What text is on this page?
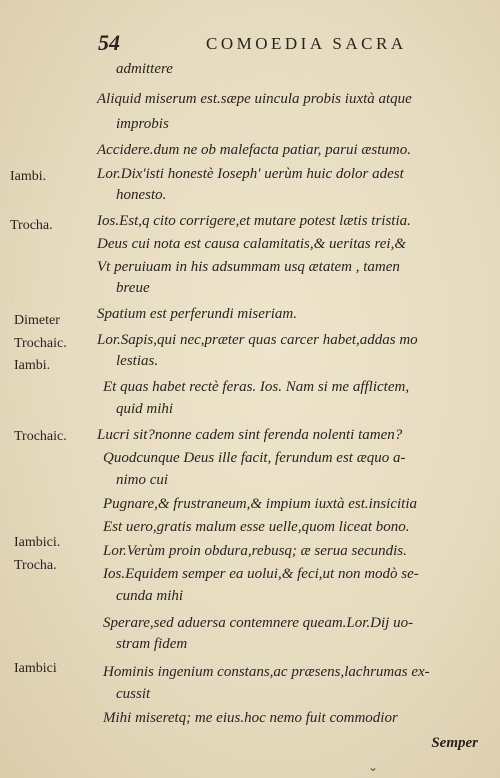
54	COMOEDIA SACRA
admittere
Aliquid miserum est.sæpe uincula probis iuxtà atque
improbis
Accidere.dum ne ob malefacta patiar, parui æstumo.
Lor.Dix'isti honestè Ioseph' uerùm huic dolor adest
honesto.
Ios.Est,q cito corrigere,et mutare potest lætis tristia.
Deus cui nota est causa calamitatis,& ueritas rei,&
Vt peruiuam in his adsummam usq ætatem , tamen
breue
Spatium est perferundi miseriam.
Lor.Sapis,qui nec,præter quas carcer habet,addas mo
lestias.
Et quas habet rectè feras. Ios. Nam si me afflictem,
quid mihi
Lucri sit?nonne cadem sint ferenda nolenti tamen?
Quodcunque Deus ille facit, ferundum est æquo a-
nimo cui
Pugnare,& frustraneum,& impium iuxtà est.insicitia
Est uero,gratis malum esse uelle,quom liceat bono.
Lor.Verùm proin obdura,rebusq; æ serua secundis.
Ios.Equidem semper ea uolui,& feci,ut non modò se-
cunda mihi
Sperare,sed aduersa contemnere queam.Lor.Dij uo-
stram fidem
Hominis ingenium constans,ac præsens,lachrumas ex-
cussit
Mihi miseretq; me eius.hoc nemo fuit commodior
Iambi.
Trocha.
Dimeter
Trochaic.
Iambi.
Trochaic.
Iambici.
Trocha.
Iambici
Semper
⌄
